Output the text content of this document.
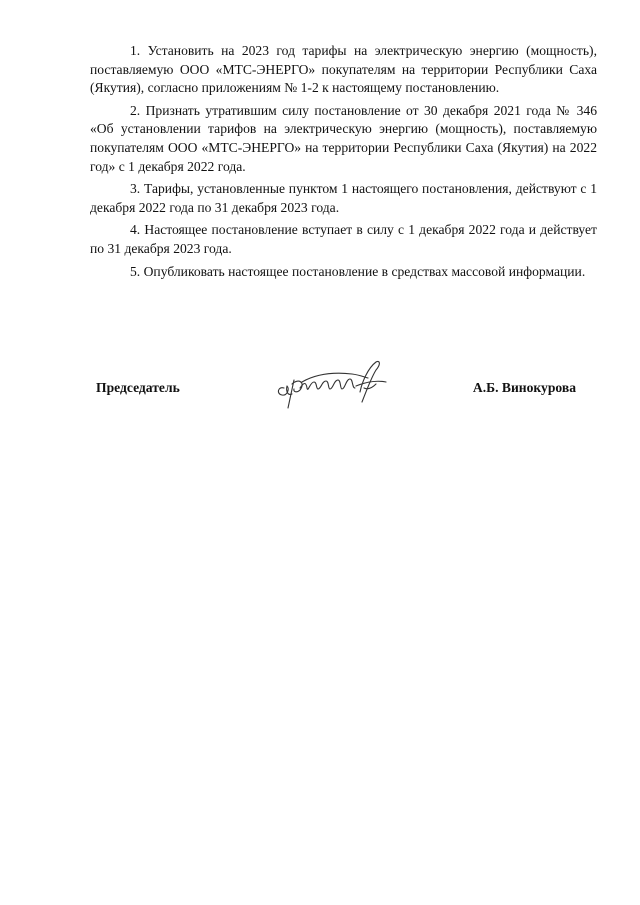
1. Установить на 2023 год тарифы на электрическую энергию (мощность), поставляемую ООО «МТС-ЭНЕРГО» покупателям на территории Республики Саха (Якутия), согласно приложениям № 1-2 к настоящему постановлению.

2. Признать утратившим силу постановление от 30 декабря 2021 года № 346 «Об установлении тарифов на электрическую энергию (мощность), поставляемую покупателям ООО «МТС-ЭНЕРГО» на территории Республики Саха (Якутия) на 2022 год» с 1 декабря 2022 года.

3. Тарифы, установленные пунктом 1 настоящего постановления, действуют с 1 декабря 2022 года по 31 декабря 2023 года.

4. Настоящее постановление вступает в силу с 1 декабря 2022 года и действует по 31 декабря 2023 года.

5. Опубликовать настоящее постановление в средствах массовой информации.

Председатель	А.Б. Винокурова
